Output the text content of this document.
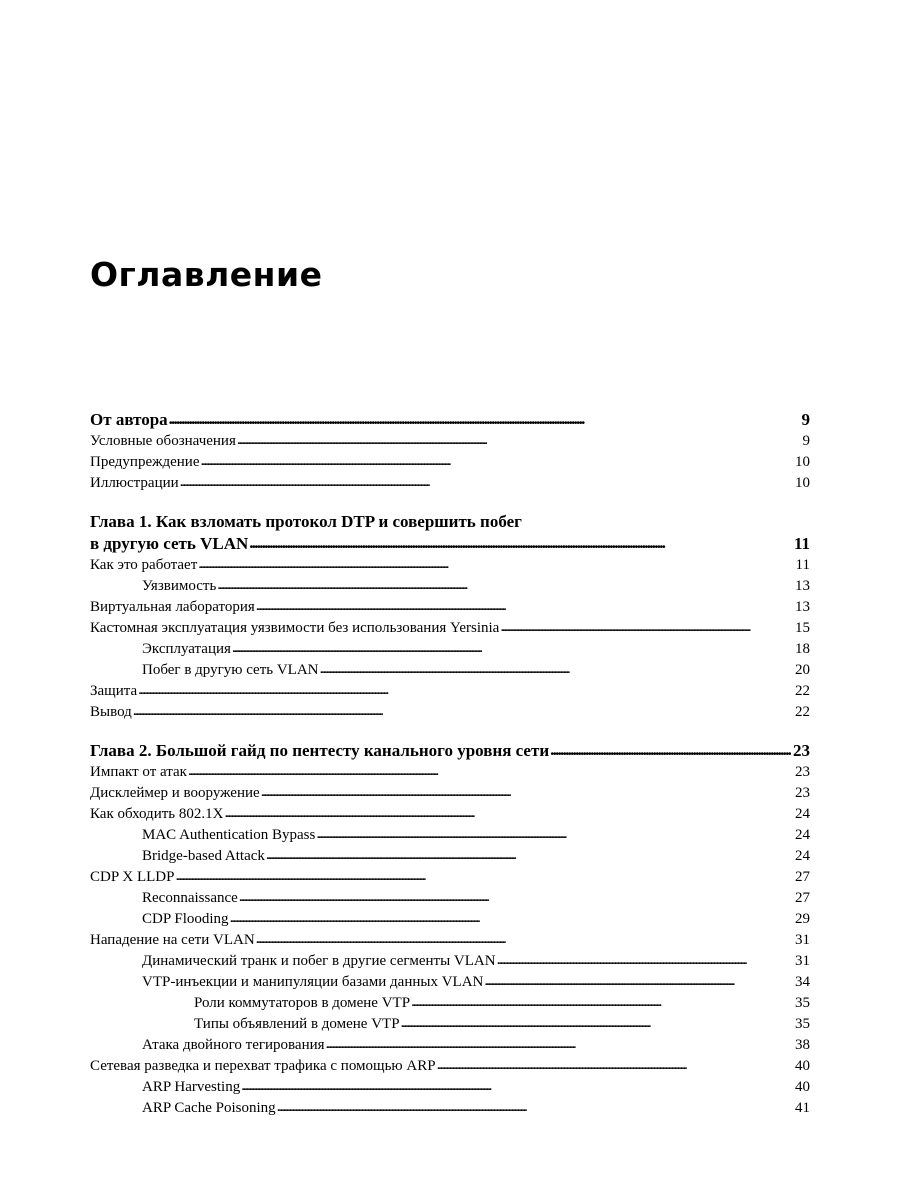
Оглавление
От автора . . .	9
Условные обозначения . . .	9
Предупреждение . . .	10
Иллюстрации . . .	10
Глава 1. Как взломать протокол DTP и совершить побег
в другую сеть VLAN . . .	11
Как это работает . . .	11
Уязвимость . . .	13
Виртуальная лаборатория . . .	13
Кастомная эксплуатация уязвимости без использования Yersinia . . .	15
Эксплуатация . . .	18
Побег в другую сеть VLAN . . .	20
Защита . . .	22
Вывод . . .	22
Глава 2. Большой гайд по пентесту канального уровня сети . . .	23
Импакт от атак . . .	23
Дисклеймер и вооружение . . .	23
Как обходить 802.1X . . .	24
MAC Authentication Bypass . . .	24
Bridge-based Attack . . .	24
CDP X LLDP . . .	27
Reconnaissance . . .	27
CDP Flooding . . .	29
Нападение на сети VLAN . . .	31
Динамический транк и побег в другие сегменты VLAN . . .	31
VTP-инъекции и манипуляции базами данных VLAN . . .	34
Роли коммутаторов в домене VTP . . .	35
Типы объявлений в домене VTP . . .	35
Атака двойного тегирования . . .	38
Сетевая разведка и перехват трафика с помощью ARP . . .	40
ARP Harvesting . . .	40
ARP Cache Poisoning . . .	41
